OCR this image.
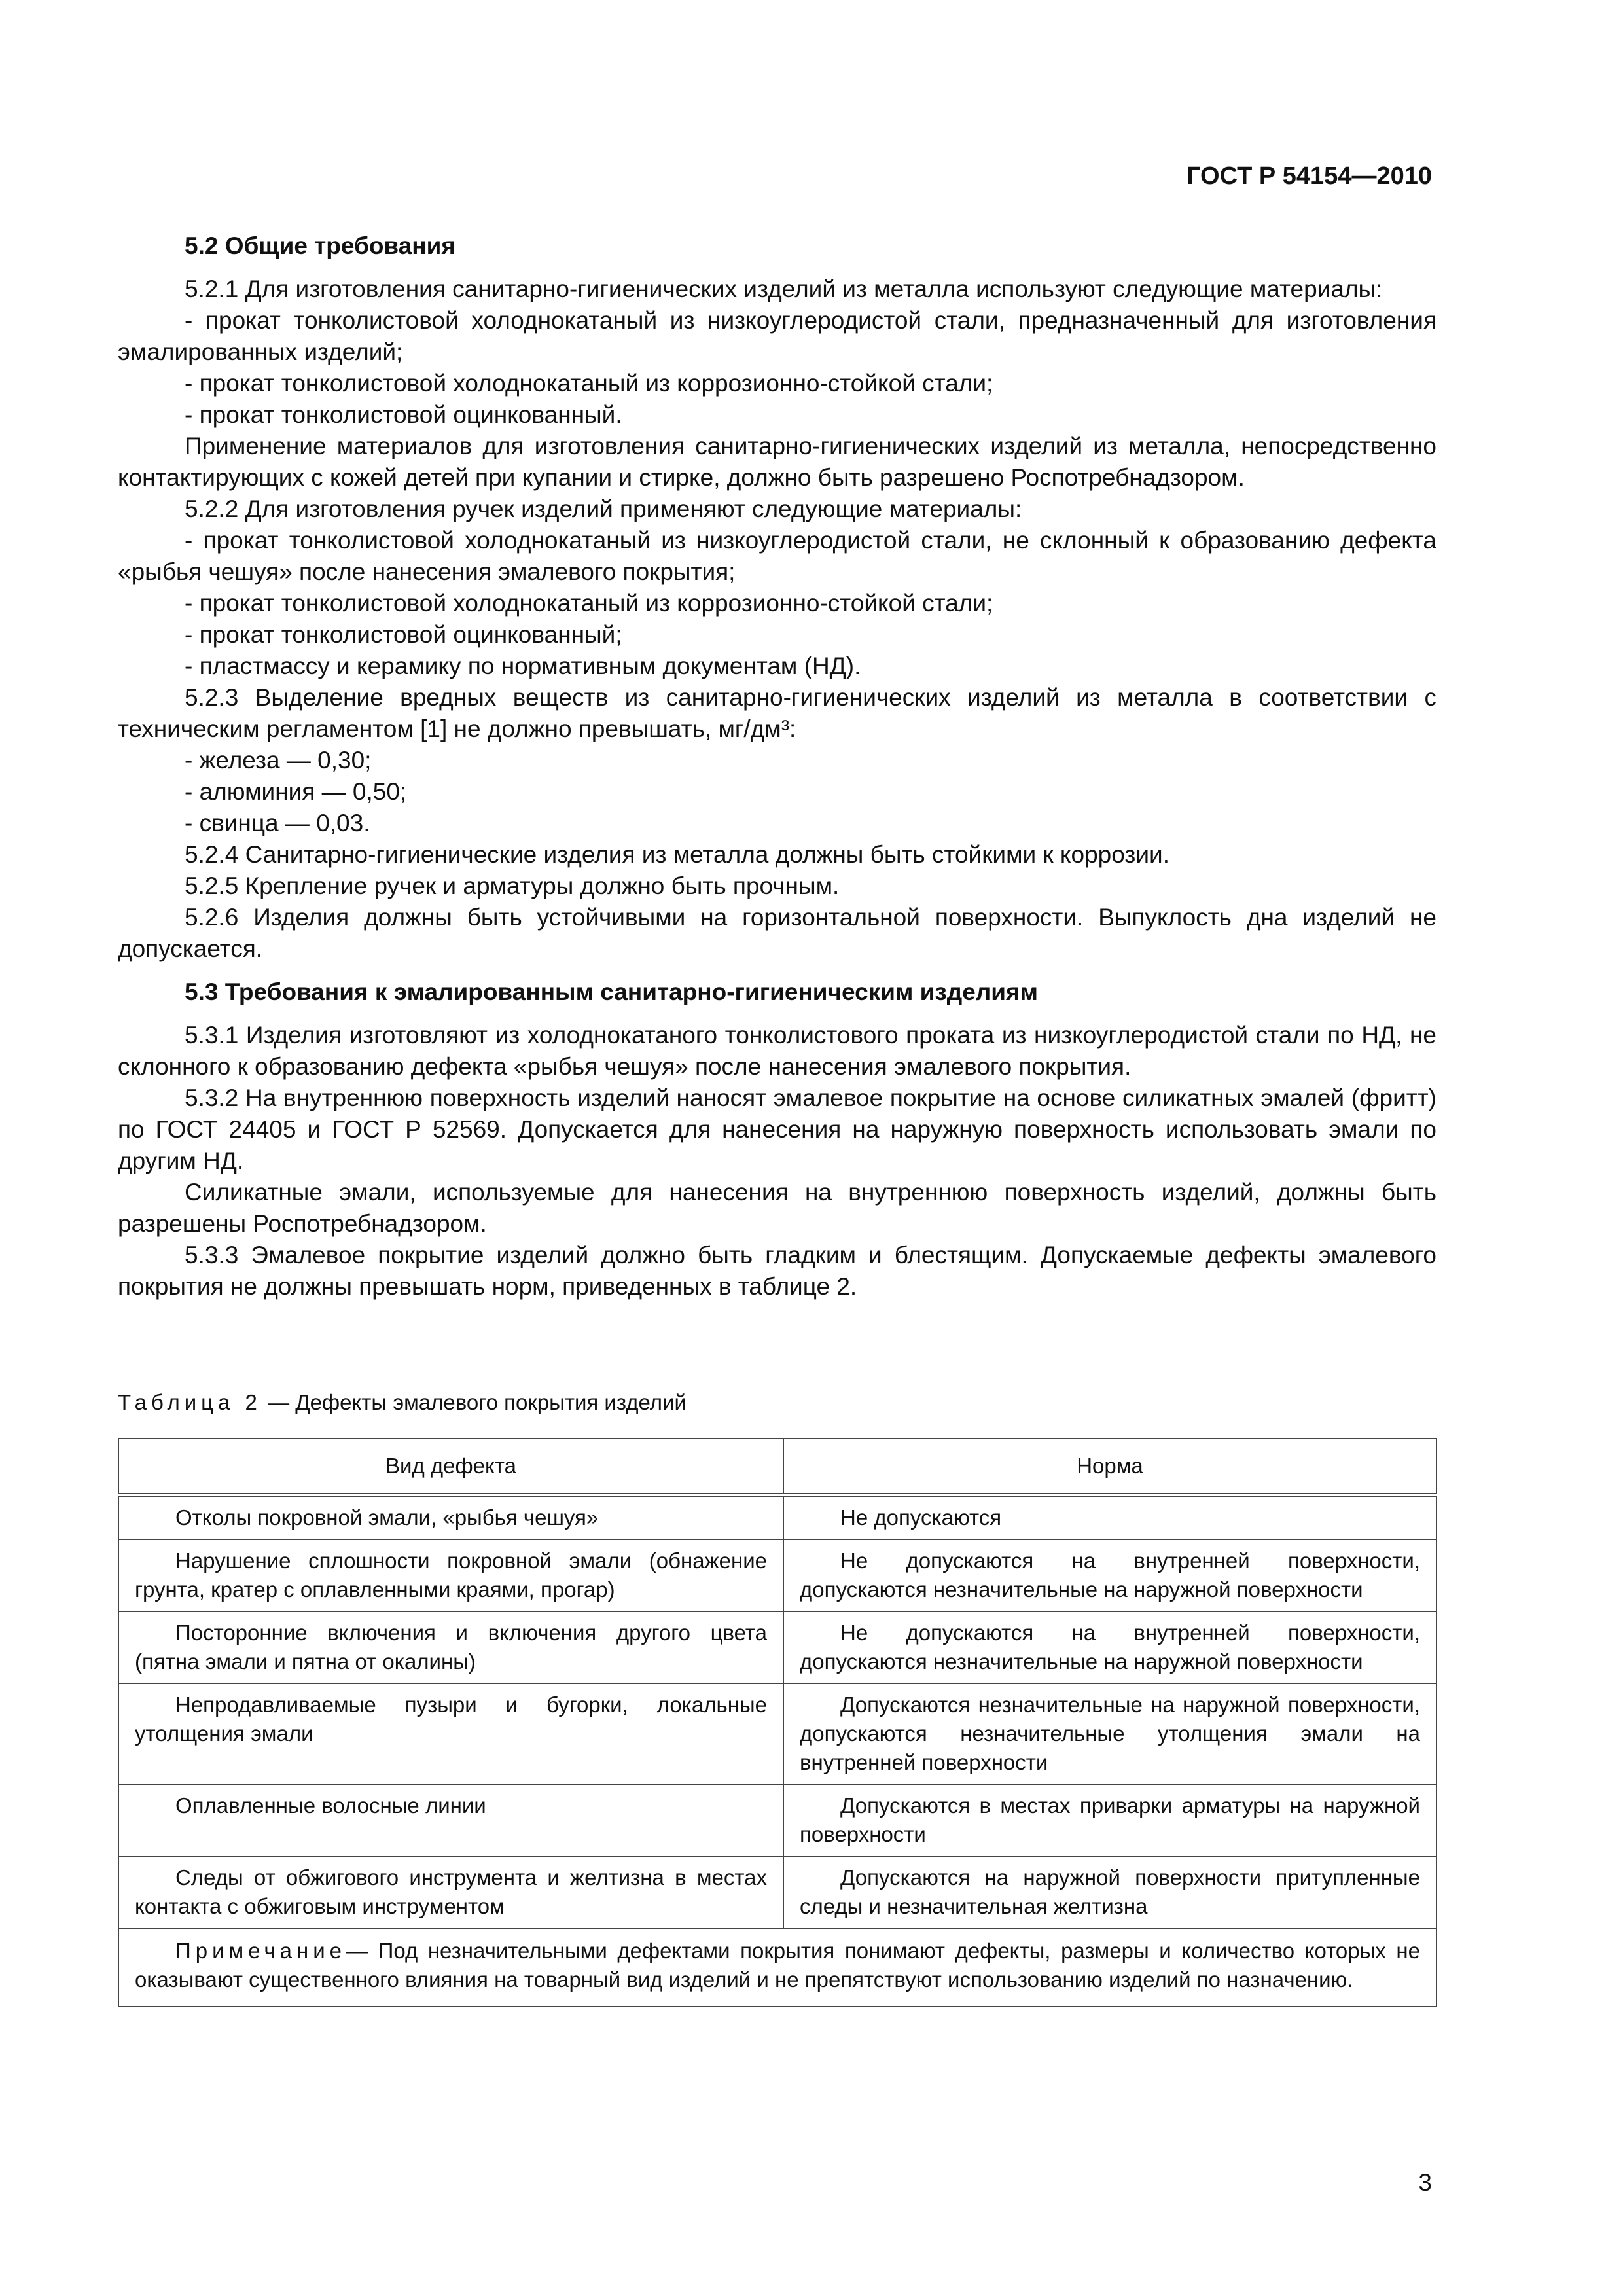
ГОСТ Р 54154—2010

5.2 Общие требования

5.2.1 Для изготовления санитарно-гигиенических изделий из металла используют следующие материалы:

- прокат тонколистовой холоднокатаный из низкоуглеродистой стали, предназначенный для изготовления эмалированных изделий;

- прокат тонколистовой холоднокатаный из коррозионно-стойкой стали;

- прокат тонколистовой оцинкованный.

Применение материалов для изготовления санитарно-гигиенических изделий из металла, непосредственно контактирующих с кожей детей при купании и стирке, должно быть разрешено Роспотребнадзором.

5.2.2 Для изготовления ручек изделий применяют следующие материалы:

- прокат тонколистовой холоднокатаный из низкоуглеродистой стали, не склонный к образованию дефекта «рыбья чешуя» после нанесения эмалевого покрытия;

- прокат тонколистовой холоднокатаный из коррозионно-стойкой стали;

- прокат тонколистовой оцинкованный;

- пластмассу и керамику по нормативным документам (НД).

5.2.3 Выделение вредных веществ из санитарно-гигиенических изделий из металла в соответствии с техническим регламентом [1] не должно превышать, мг/дм³:

- железа — 0,30;

- алюминия — 0,50;

- свинца — 0,03.

5.2.4 Санитарно-гигиенические изделия из металла должны быть стойкими к коррозии.

5.2.5 Крепление ручек и арматуры должно быть прочным.

5.2.6 Изделия должны быть устойчивыми на горизонтальной поверхности. Выпуклость дна изделий не допускается.

5.3 Требования к эмалированным санитарно-гигиеническим изделиям

5.3.1 Изделия изготовляют из холоднокатаного тонколистового проката из низкоуглеродистой стали по НД, не склонного к образованию дефекта «рыбья чешуя» после нанесения эмалевого покрытия.

5.3.2 На внутреннюю поверхность изделий наносят эмалевое покрытие на основе силикатных эмалей (фритт) по ГОСТ 24405 и ГОСТ Р 52569. Допускается для нанесения на наружную поверхность использовать эмали по другим НД.

Силикатные эмали, используемые для нанесения на внутреннюю поверхность изделий, должны быть разрешены Роспотребнадзором.

5.3.3 Эмалевое покрытие изделий должно быть гладким и блестящим. Допускаемые дефекты эмалевого покрытия не должны превышать норм, приведенных в таблице 2.

Таблица 2 — Дефекты эмалевого покрытия изделий
Вид дефекта	Норма

Отколы покровной эмали, «рыбья чешуя»	Не допускаются

Нарушение сплошности покровной эмали (обнажение грунта, кратер с оплавленными краями, прогар)	Не допускаются на внутренней поверхности, допускаются незначительные на наружной поверхности

Посторонние включения и включения другого цвета (пятна эмали и пятна от окалины)	Не допускаются на внутренней поверхности, допускаются незначительные на наружной поверхности

Непродавливаемые пузыри и бугорки, локальные утолщения эмали	Допускаются незначительные на наружной поверхности, допускаются незначительные утолщения эмали на внутренней поверхности

Оплавленные волосные линии	Допускаются в местах приварки арматуры на наружной поверхности

Следы от обжигового инструмента и желтизна в местах контакта с обжиговым инструментом	Допускаются на наружной поверхности притупленные следы и незначительная желтизна

Примечание— Под незначительными дефектами покрытия понимают дефекты, размеры и количество которых не оказывают существенного влияния на товарный вид изделий и не препятствуют использованию изделий по назначению.	
3
